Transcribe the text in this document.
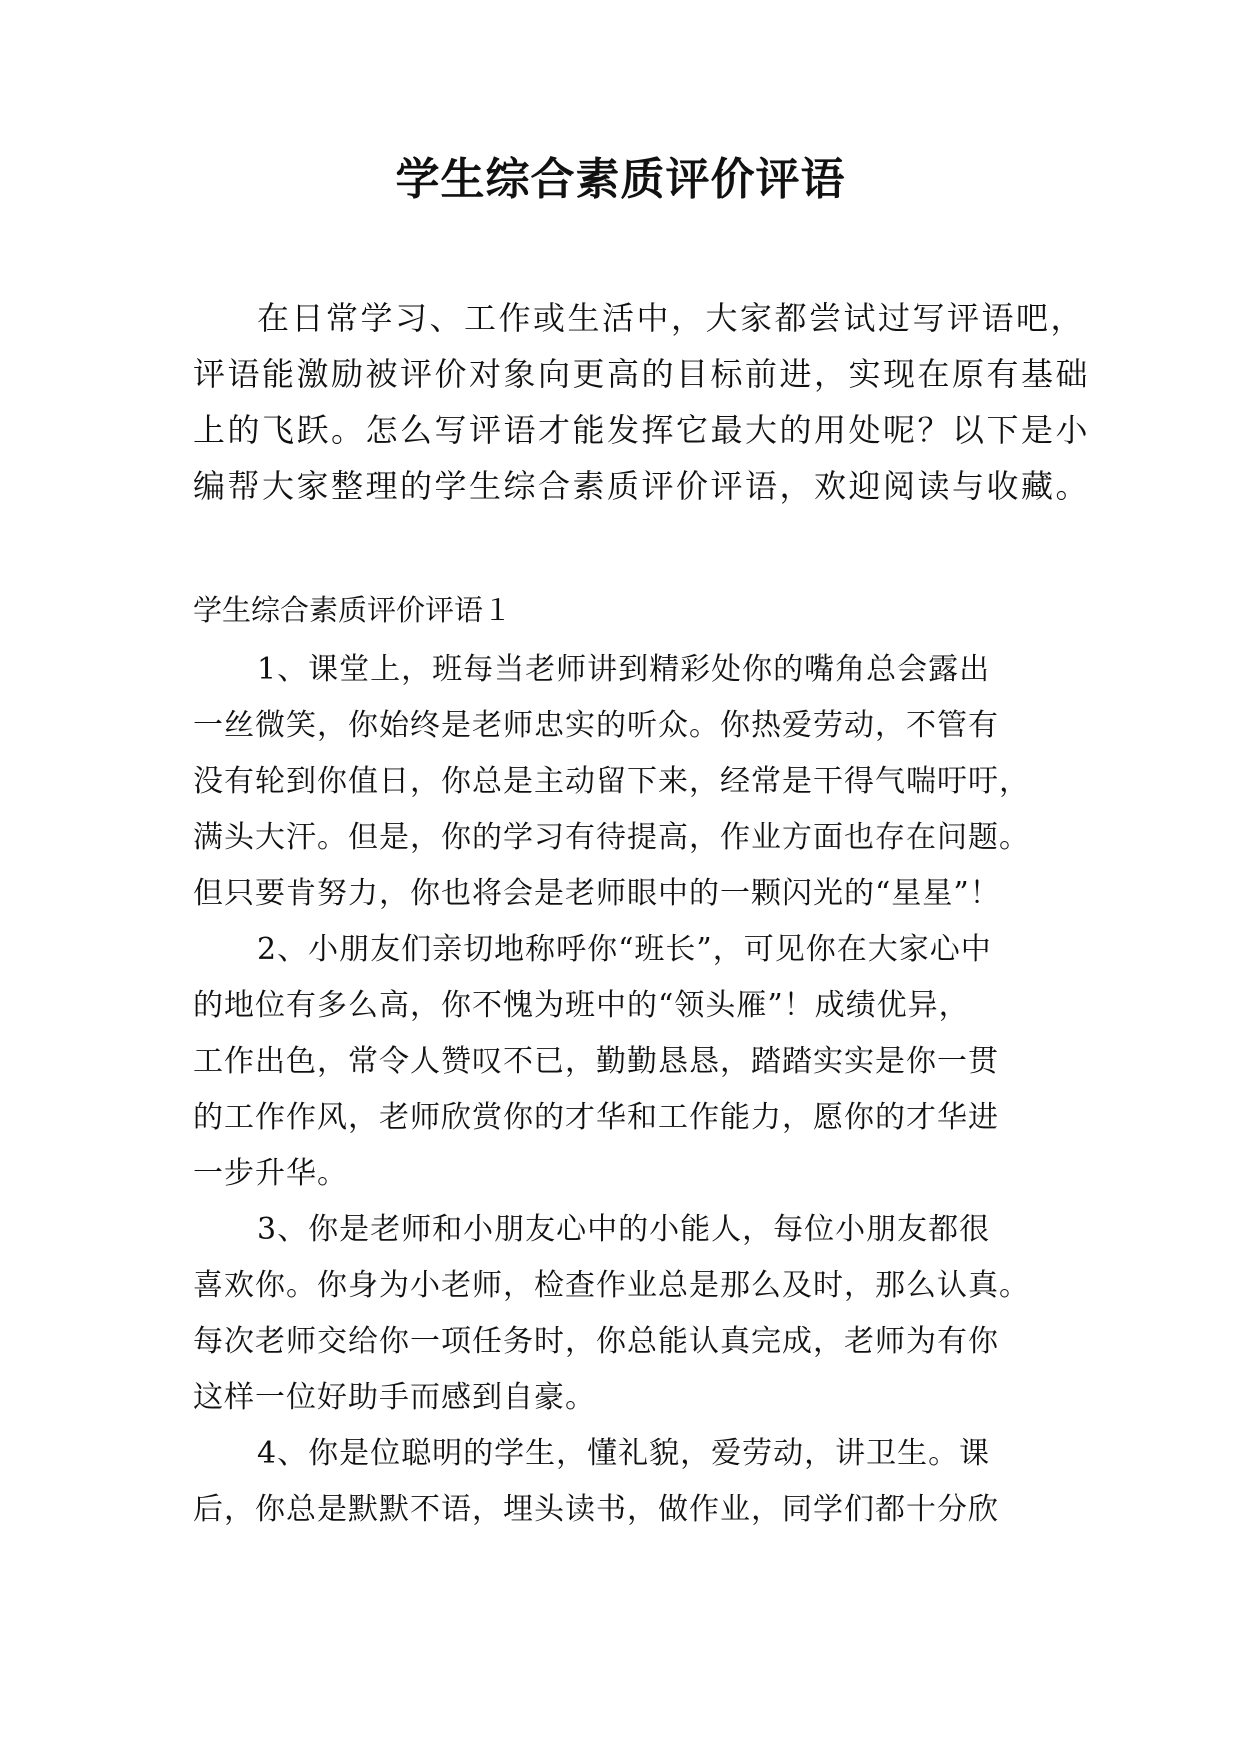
学生综合素质评价评语
在日常学习、工作或生活中，大家都尝试过写评语吧，
评语能激励被评价对象向更高的目标前进，实现在原有基础
上的飞跃。怎么写评语才能发挥它最大的用处呢？以下是小
编帮大家整理的学生综合素质评价评语，欢迎阅读与收藏。
学生综合素质评价评语１
1、课堂上，班每当老师讲到精彩处你的嘴角总会露出
一丝微笑，你始终是老师忠实的听众。你热爱劳动，不管有
没有轮到你值日，你总是主动留下来，经常是干得气喘吁吁，
满头大汗。但是，你的学习有待提高，作业方面也存在问题。
但只要肯努力，你也将会是老师眼中的一颗闪光的“星星”！
2、小朋友们亲切地称呼你“班长”，可见你在大家心中
的地位有多么高，你不愧为班中的“领头雁”！成绩优异，
工作出色，常令人赞叹不已，勤勤恳恳，踏踏实实是你一贯
的工作作风，老师欣赏你的才华和工作能力，愿你的才华进
一步升华。
3、你是老师和小朋友心中的小能人，每位小朋友都很
喜欢你。你身为小老师，检查作业总是那么及时，那么认真。
每次老师交给你一项任务时，你总能认真完成，老师为有你
这样一位好助手而感到自豪。
4、你是位聪明的学生，懂礼貌，爱劳动，讲卫生。课
后，你总是默默不语，埋头读书，做作业，同学们都十分欣
